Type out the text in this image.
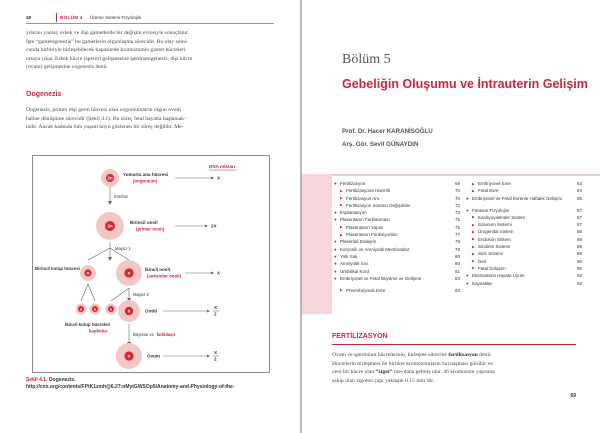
48	BÖLÜM 4 Üreme Sistemi Fizyolojisi
yılarını yanlar, erkek ve dişi gametlerde bir değişim evresiyle sonuçlanır.
İşte “gametogenezis” bu gametlerin olgunlaşma sürecidir. Bu olay sonu-
cunda birbiriyle birleşebilecek kapasitede kromozomlu gamet hücreleri
ortaya çıkar. Erkek hücre (sperm) gelişmesine spermatogenezis, dişi hücre
(ovum) gelişmesine oogenezis denir.
Oogenezis
Oogenezis, primer dişi germ hücresi olan oogoniumların olgun ovum
haline dönüşüme sürecidir (Şekil 4.1). Bu süreç fetal hayatta başlamak-
tadır. Ancak kadında tüm yaşam boyu gözlenen bir süreç değildir. Me-
DNA miktarı
2n
Yumurta ana hücresi
(oogonium)
İnterfaz
2n
Birincil oosit
(primer oosit)
Mayoz 1
Birincil kutup hücresi
n	n
İkincil oosit
(sekonder oosit)
Mayoz 2
n	n	n
İkincil kutup hücreleri
kaybolur
n	Ootid
Büyüme ve farklılaşır
n	Ovum
X
2X
X
X
2
X
2
Şekil 4.1. Oogenezis.
http://cnx.org/contents/FPtK1zmh@6.27:nMytGWSOp5/Anatomy-and-Physiology-of-the-
Bölüm 5
Gebeliğin Oluşumu ve İntrauterin Gelişim
Prof. Dr. Hacer KARANİSOĞLU
Arş. Gör. Sevil GÜNAYDIN
● Fertilizasyon	69
▶ Fertilizasyona Hazırlık	70
▶ Fertilizasyon Anı	70
▶ Fertilizasyon Sonrası Değişimler	72
● İmplantasyon	73
● Plasentanın Farklanması	75
▶ Plasentanın Yapısı	75
▶ Plasentanın Fonksiyonları	77
● Plasental Dolaşım	79
● Koryonik ve Amniyotik Membranlar	79
● Yolk Sak	80
● Amniyotik Sıvı	80
● Umbilikal Kord	81
● Embriyonel ve Fetal Büyüme ve Gelişme	83
▶ Preembriyonik Evre	83
▶ Embriyonel Evre	83
▶ Fetal Evre	84
● Embriyonel ve Fetal Evrenin Haftalık Gelişimi	85
● Fetüsün Fizyolojisi	87
▶ Kardiyovasküler Sistem	87
▶ Solunum Sistemi	87
▶ Ürogenital Sistem	88
▶ Endokrin Sistem	88
▶ Sindirim Sistemi	88
▶ Sinir Sistemi	89
▶ Deri	90
▶ Fetal Dolaşım	90
● Ekstrauterin Hayata Uyum	92
● Kaynaklar	92
FERTİLİZASYON
Ovum ve spermium hücrelerinin, birleşme sürecine fertilizasyon denir.
Hücrelerin birleşmesi ile birlikte kromozomların kaynaşması görülür ve
yeni bir hücre olan “zigot” meydana gelmiş olur. 46 kromozom yapısına
sahip olan zigotun çapı yaklaşık 0.15 mm’dir.
69
